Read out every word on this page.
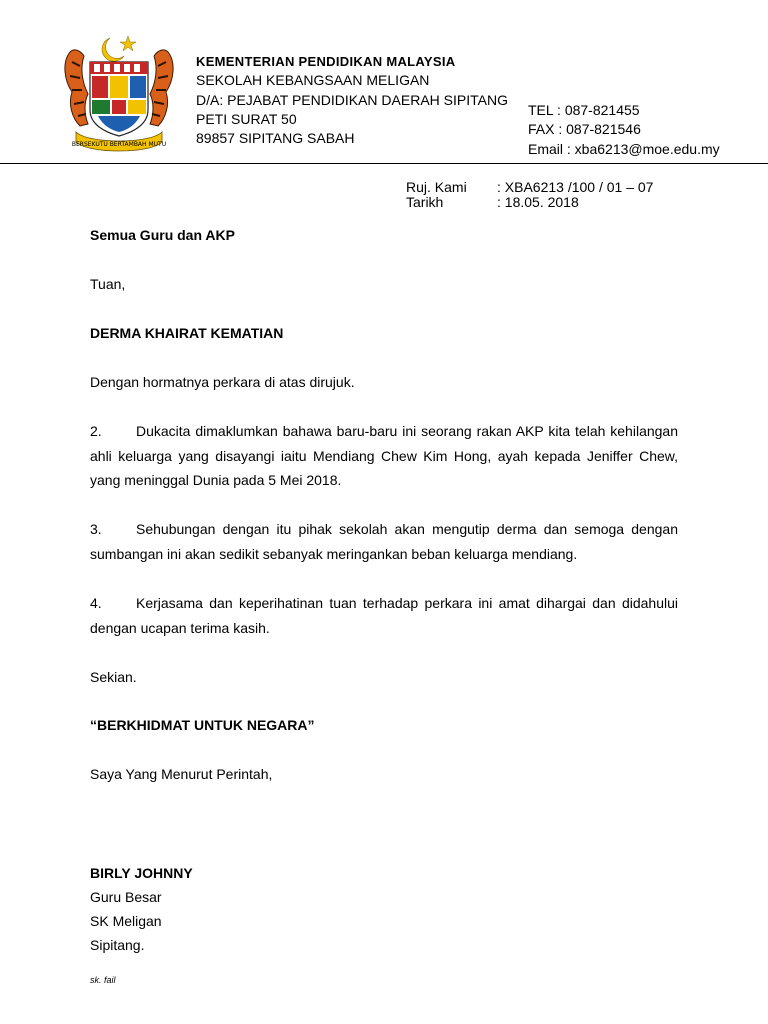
BERSEKUTU BERTAMBAH MUTU
KEMENTERIAN PENDIDIKAN MALAYSIA
SEKOLAH KEBANGSAAN MELIGAN
D/A: PEJABAT PENDIDIKAN DAERAH SIPITANG
PETI SURAT 50
89857 SIPITANG SABAH
TEL : 087-821455
FAX : 087-821546
Email : xba6213@moe.edu.my
Ruj. Kami : XBA6213 /100 / 01 – 07
Tarikh	: 18.05. 2018
Semua Guru dan AKP
Tuan,
DERMA KHAIRAT KEMATIAN
Dengan hormatnya perkara di atas dirujuk.
2. Dukacita dimaklumkan bahawa baru-baru ini seorang rakan AKP kita telah kehilangan ahli keluarga yang disayangi iaitu Mendiang Chew Kim Hong, ayah kepada Jeniffer Chew, yang meninggal Dunia pada 5 Mei 2018.
3. Sehubungan dengan itu pihak sekolah akan mengutip derma dan semoga dengan sumbangan ini akan sedikit sebanyak meringankan beban keluarga mendiang.
4. Kerjasama dan keperihatinan tuan terhadap perkara ini amat dihargai dan didahului dengan ucapan terima kasih.
Sekian.
“BERKHIDMAT UNTUK NEGARA”
Saya Yang Menurut Perintah,
BIRLY JOHNNY
Guru Besar
SK Meligan
Sipitang.
sk. fail
